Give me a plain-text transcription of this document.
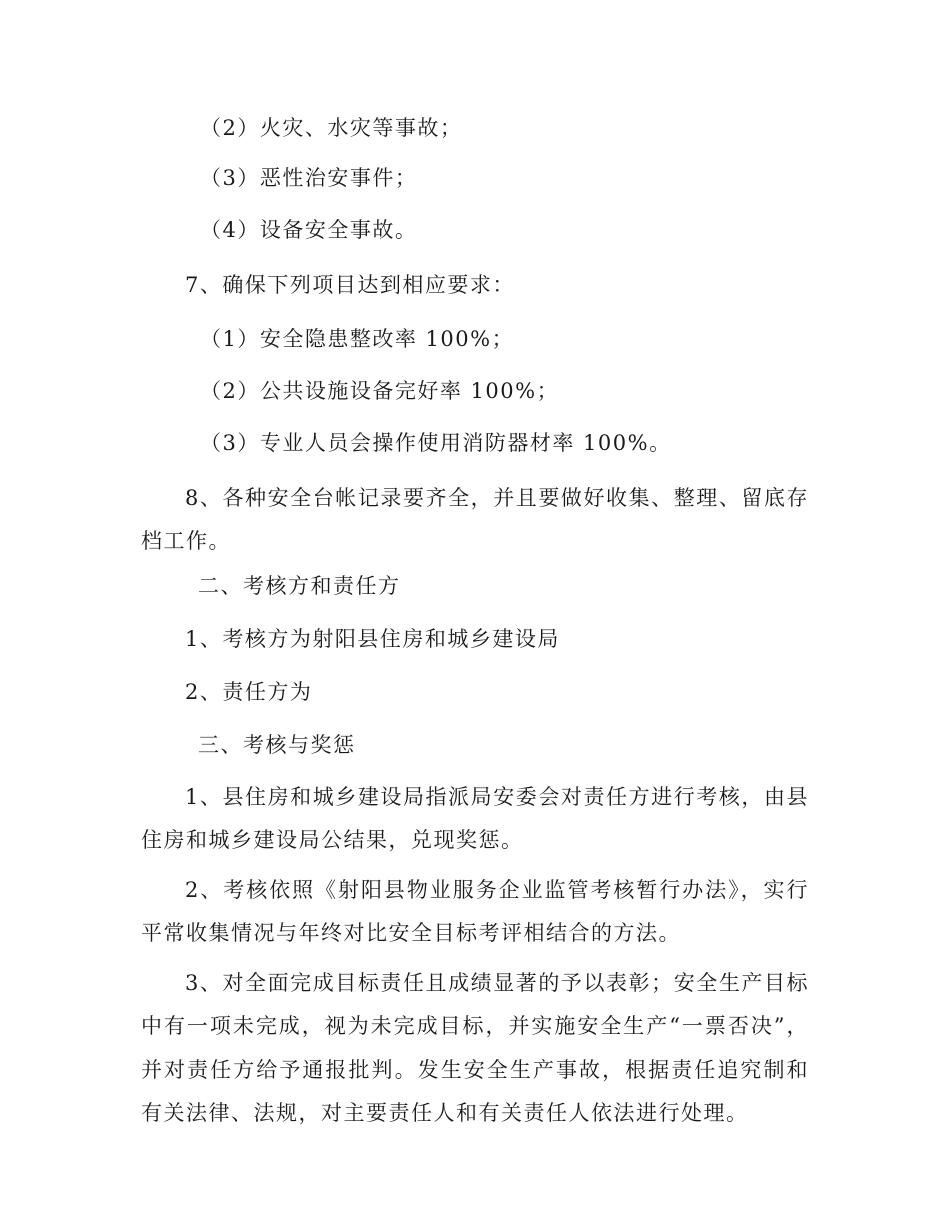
（2）火灾、水灾等事故；
（3）恶性治安事件；
（4）设备安全事故。
7、确保下列项目达到相应要求：
（1）安全隐患整改率 100%；
（2）公共设施设备完好率 100%；
（3）专业人员会操作使用消防器材率 100%。
8、各种安全台帐记录要齐全，并且要做好收集、整理、留底存档工作。
二、考核方和责任方
1、考核方为射阳县住房和城乡建设局
2、责任方为
三、考核与奖惩
1、县住房和城乡建设局指派局安委会对责任方进行考核，由县住房和城乡建设局公结果，兑现奖惩。
2、考核依照《射阳县物业服务企业监管考核暂行办法》，实行平常收集情况与年终对比安全目标考评相结合的方法。
3、对全面完成目标责任且成绩显著的予以表彰；安全生产目标中有一项未完成，视为未完成目标，并实施安全生产“一票否决”，并对责任方给予通报批判。发生安全生产事故，根据责任追究制和有关法律、法规，对主要责任人和有关责任人依法进行处理。
